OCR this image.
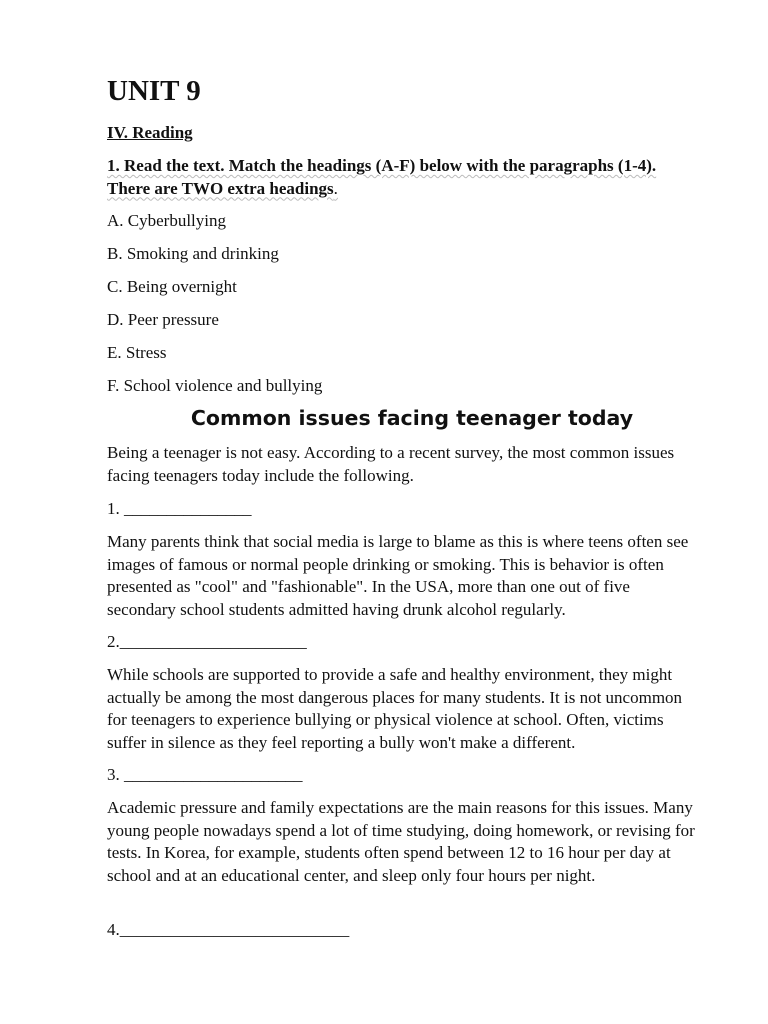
UNIT 9
IV. Reading

1. Read the text. Match the headings (A-F) below with the paragraphs (1-4). There are TWO extra headings.

A. Cyberbullying
B. Smoking and drinking
C. Being overnight
D. Peer pressure
E. Stress
F. School violence and bullying
Common issues facing teenager today

Being a teenager is not easy. According to a recent survey, the most common issues facing teenagers today include the following.

1. _______________

Many parents think that social media is large to blame as this is where teens often see images of famous or normal people drinking or smoking. This is behavior is often presented as "cool" and "fashionable". In the USA, more than one out of five secondary school students admitted having drunk alcohol regularly.

2.______________________

While schools are supported to provide a safe and healthy environment, they might actually be among the most dangerous places for many students. It is not uncommon for teenagers to experience bullying or physical violence at school. Often, victims suffer in silence as they feel reporting a bully won't make a different.

3. _____________________

Academic pressure and family expectations are the main reasons for this issues. Many young people nowadays spend a lot of time studying, doing homework, or revising for tests. In Korea, for example, students often spend between 12 to 16 hour per day at school and at an educational center, and sleep only four hours per night.

4.___________________________
